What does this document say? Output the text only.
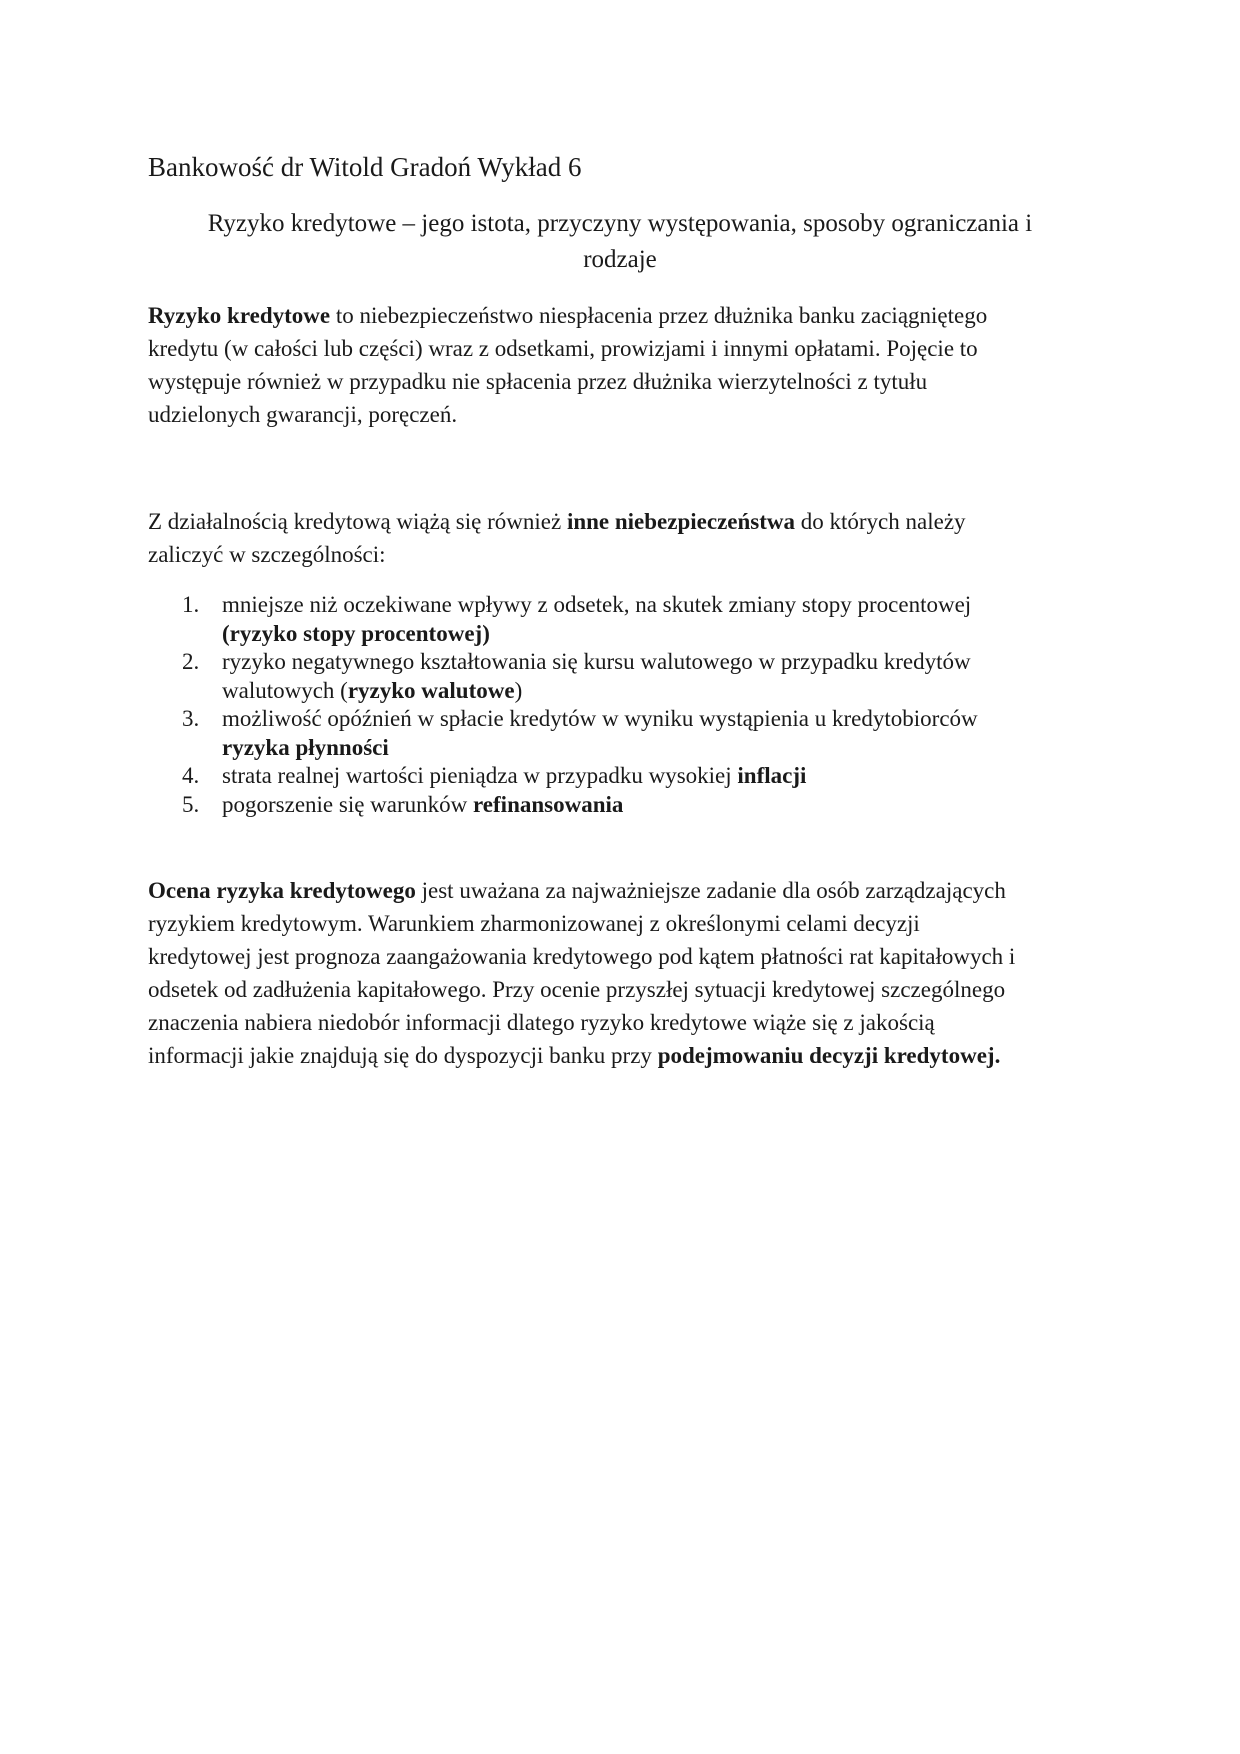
Bankowość dr Witold Gradoń Wykład 6
Ryzyko kredytowe – jego istota, przyczyny występowania, sposoby ograniczania i
rodzaje

Ryzyko kredytowe to niebezpieczeństwo niespłacenia przez dłużnika banku zaciągniętego
kredytu (w całości lub części) wraz z odsetkami, prowizjami i innymi opłatami. Pojęcie to
występuje również w przypadku nie spłacenia przez dłużnika wierzytelności z tytułu
udzielonych gwarancji, poręczeń.

Z działalnością kredytową wiążą się również inne niebezpieczeństwa do których należy
zaliczyć w szczególności:

1. mniejsze niż oczekiwane wpływy z odsetek, na skutek zmiany stopy procentowej
(ryzyko stopy procentowej)
2. ryzyko negatywnego kształtowania się kursu walutowego w przypadku kredytów
walutowych (ryzyko walutowe)
3. możliwość opóźnień w spłacie kredytów w wyniku wystąpienia u kredytobiorców
ryzyka płynności
4. strata realnej wartości pieniądza w przypadku wysokiej inflacji
5. pogorszenie się warunków refinansowania

Ocena ryzyka kredytowego jest uważana za najważniejsze zadanie dla osób zarządzających
ryzykiem kredytowym. Warunkiem zharmonizowanej z określonymi celami decyzji
kredytowej jest prognoza zaangażowania kredytowego pod kątem płatności rat kapitałowych i
odsetek od zadłużenia kapitałowego. Przy ocenie przyszłej sytuacji kredytowej szczególnego
znaczenia nabiera niedobór informacji dlatego ryzyko kredytowe wiąże się z jakością
informacji jakie znajdują się do dyspozycji banku przy podejmowaniu decyzji kredytowej.
